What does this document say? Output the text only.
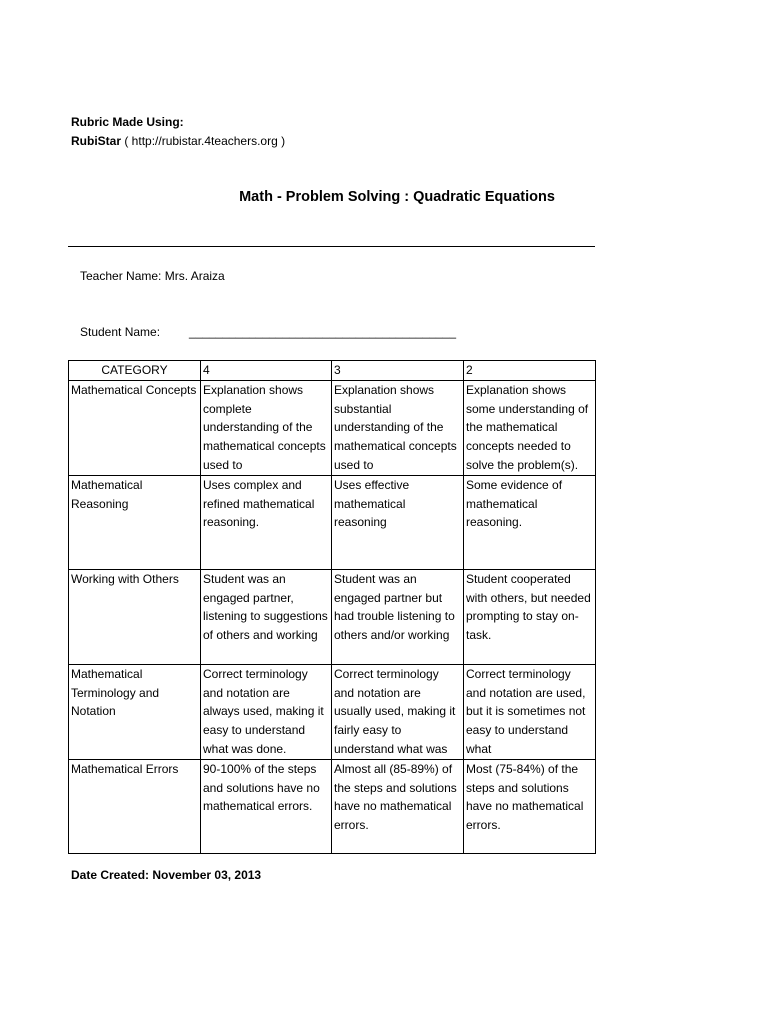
Rubric Made Using:
RubiStar ( http://rubistar.4teachers.org )
Math - Problem Solving : Quadratic Equations
Teacher Name: Mrs. Araiza
Student Name: ________________________________________
CATEGORY	4	3	2

Mathematical Concepts	Explanation shows complete understanding of the mathematical concepts used to	Explanation shows substantial understanding of the mathematical concepts used to	Explanation shows some understanding of the mathematical concepts needed to solve the problem(s).

Mathematical Reasoning	Uses complex and refined mathematical reasoning.	Uses effective mathematical reasoning	Some evidence of mathematical reasoning.

Working with Others	Student was an engaged partner, listening to suggestions of others and working	Student was an engaged partner but had trouble listening to others and/or working	Student cooperated with others, but needed prompting to stay on-task.

Mathematical Terminology and Notation	Correct terminology and notation are always used, making it easy to understand what was done.	Correct terminology and notation are usually used, making it fairly easy to understand what was	Correct terminology and notation are used, but it is sometimes not easy to understand what

Mathematical Errors	90-100% of the steps and solutions have no mathematical errors.	Almost all (85-89%) of the steps and solutions have no mathematical errors.	Most (75-84%) of the steps and solutions have no mathematical errors.
Date Created: November 03, 2013
